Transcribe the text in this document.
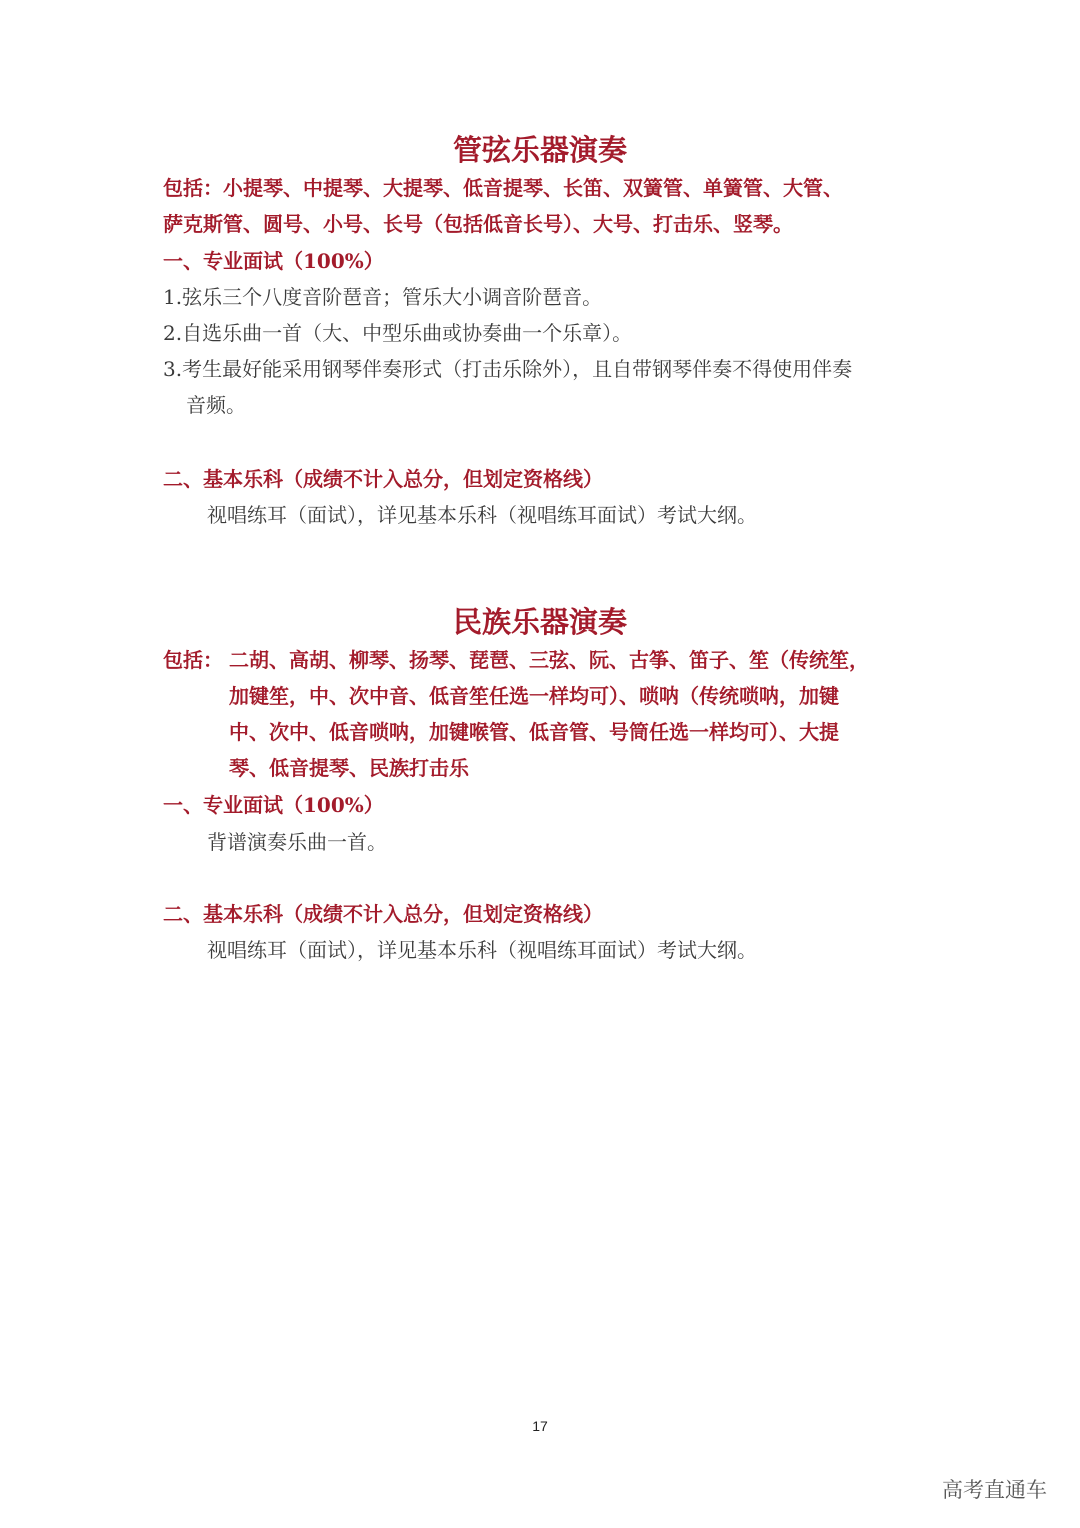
管弦乐器演奏
包括：小提琴、中提琴、大提琴、低音提琴、长笛、双簧管、单簧管、大管、
萨克斯管、圆号、小号、长号（包括低音长号）、大号、打击乐、竖琴。
一、专业面试（100%）
1.弦乐三个八度音阶琶音；管乐大小调音阶琶音。
2.自选乐曲一首（大、中型乐曲或协奏曲一个乐章）。
3.考生最好能采用钢琴伴奏形式（打击乐除外），且自带钢琴伴奏不得使用伴奏
音频。
二、基本乐科（成绩不计入总分，但划定资格线）
视唱练耳（面试），详见基本乐科（视唱练耳面试）考试大纲。
民族乐器演奏
包括： 二胡、高胡、柳琴、扬琴、琵琶、三弦、阮、古筝、笛子、笙（传统笙，
加键笙，中、次中音、低音笙任选一样均可）、唢呐（传统唢呐，加键
中、次中、低音唢呐，加键喉管、低音管、号筒任选一样均可）、大提
琴、低音提琴、民族打击乐
一、专业面试（100%）
背谱演奏乐曲一首。
二、基本乐科（成绩不计入总分，但划定资格线）
视唱练耳（面试），详见基本乐科（视唱练耳面试）考试大纲。
17
高考直通车
